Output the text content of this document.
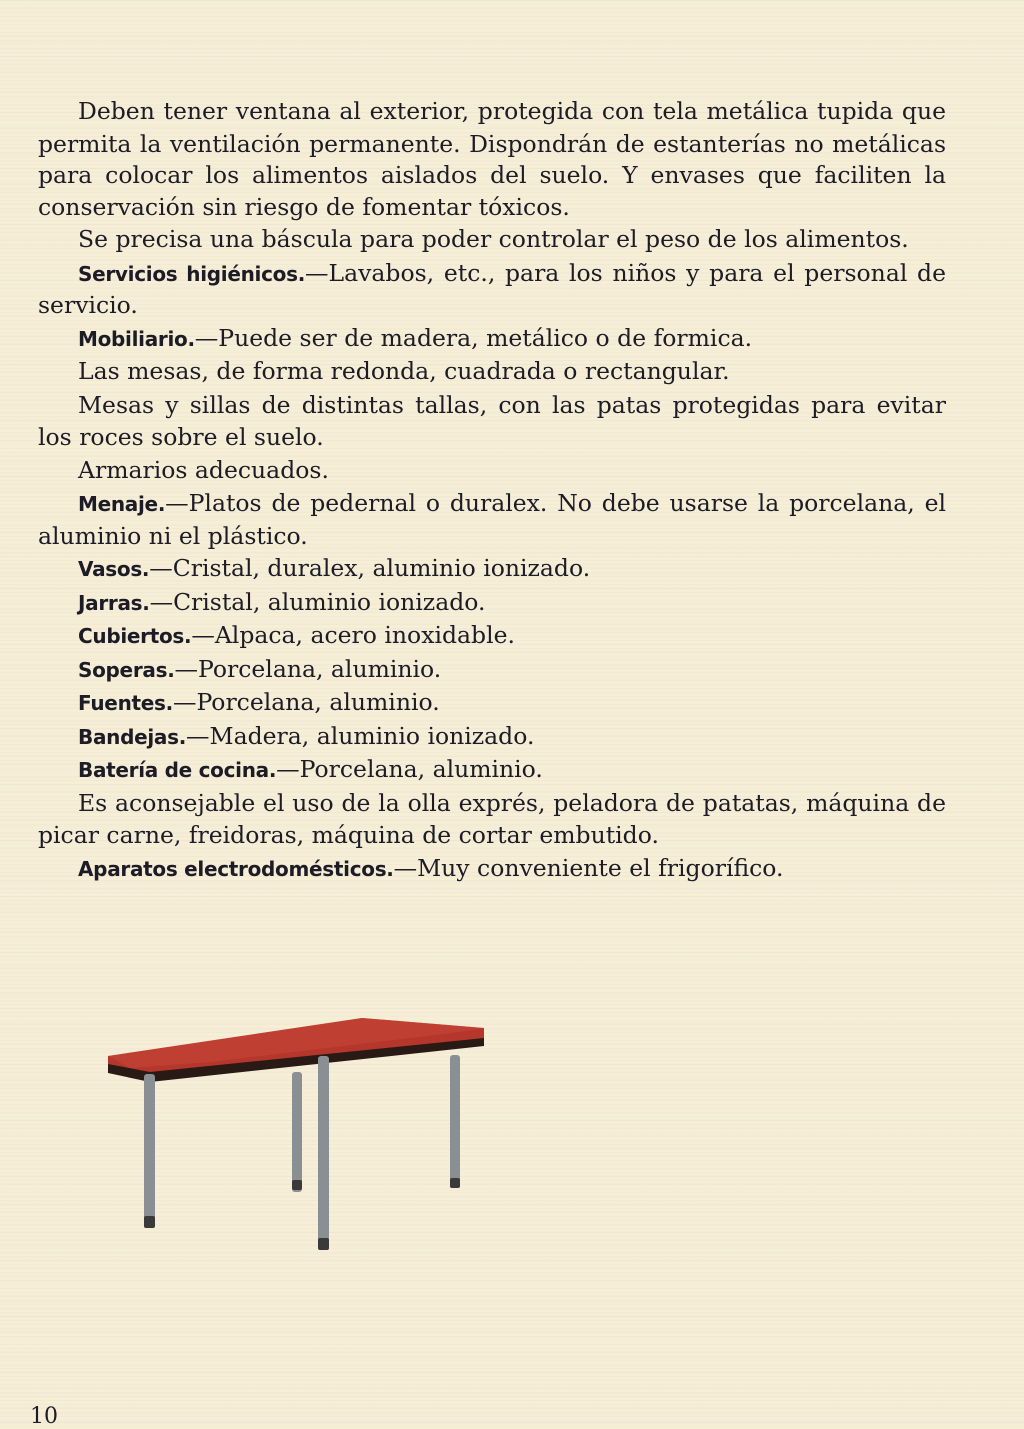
Deben tener ventana al exterior, protegida con tela metálica tupida que permita la ventilación permanente. Dispondrán de estanterías no metálicas para colocar los alimentos aislados del suelo. Y envases que faciliten la conservación sin riesgo de fomentar tóxicos.

Se precisa una báscula para poder controlar el peso de los alimentos.

Servicios higiénicos.—Lavabos, etc., para los niños y para el personal de servicio.

Mobiliario.—Puede ser de madera, metálico o de formica.

Las mesas, de forma redonda, cuadrada o rectangular.

Mesas y sillas de distintas tallas, con las patas protegidas para evitar los roces sobre el suelo.

Armarios adecuados.

Menaje.—Platos de pedernal o duralex. No debe usarse la porcelana, el aluminio ni el plástico.

Vasos.—Cristal, duralex, aluminio ionizado.

Jarras.—Cristal, aluminio ionizado.

Cubiertos.—Alpaca, acero inoxidable.

Soperas.—Porcelana, aluminio.

Fuentes.—Porcelana, aluminio.

Bandejas.—Madera, aluminio ionizado.

Batería de cocina.—Porcelana, aluminio.

Es aconsejable el uso de la olla exprés, peladora de patatas, máquina de picar carne, freidoras, máquina de cortar embutido.

Aparatos electrodomésticos.—Muy conveniente el frigorífico.

10
